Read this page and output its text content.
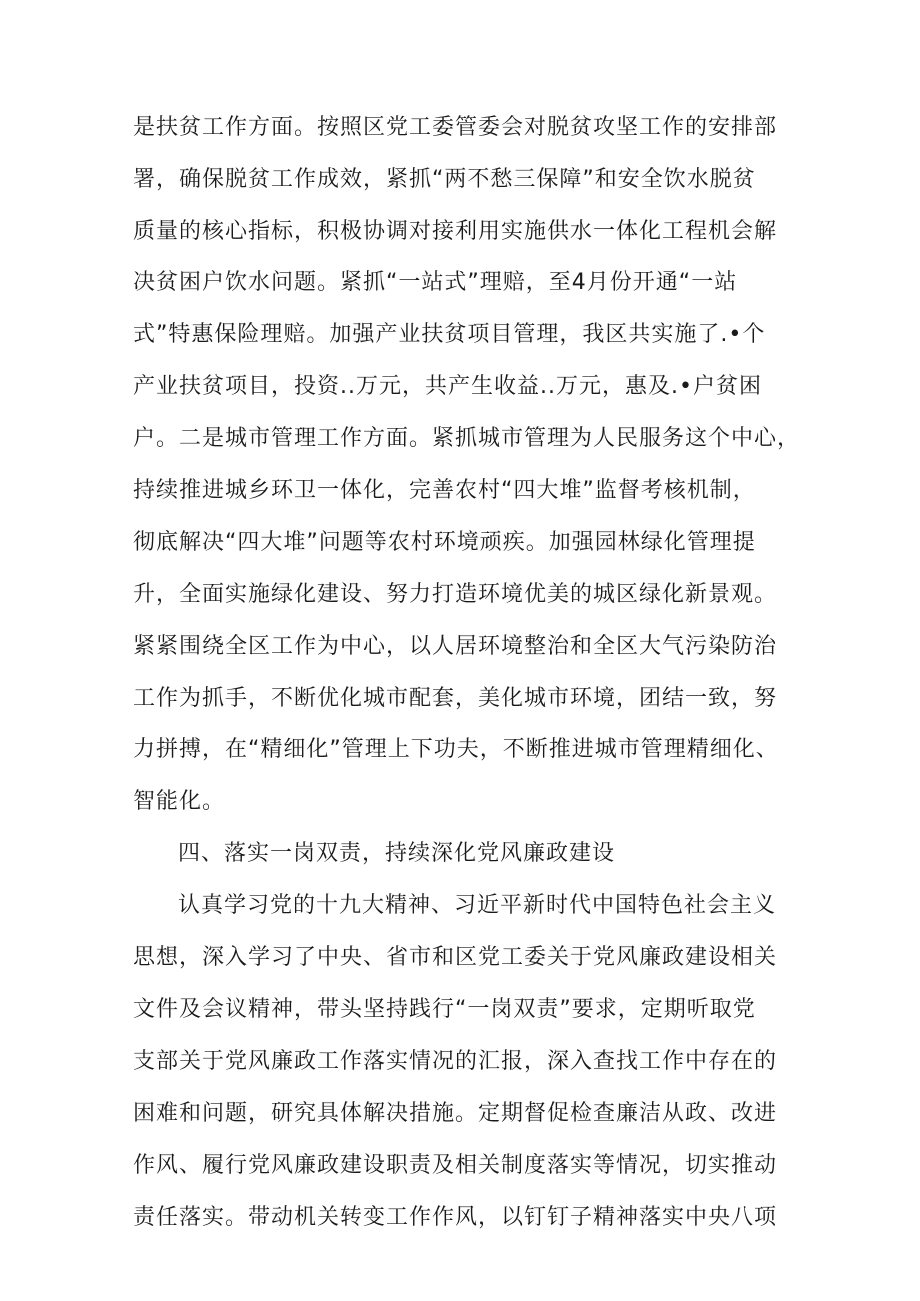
是扶贫工作方面。按照区党工委管委会对脱贫攻坚工作的安排部
署，确保脱贫工作成效，紧抓“两不愁三保障”和安全饮水脱贫
质量的核心指标，积极协调对接利用实施供水一体化工程机会解
决贫困户饮水问题。紧抓“一站式”理赔，至4月份开通“一站
式”特惠保险理赔。加强产业扶贫项目管理，我区共实施了.•个
产业扶贫项目，投资..万元，共产生收益..万元，惠及.•户贫困
户。二是城市管理工作方面。紧抓城市管理为人民服务这个中心，
持续推进城乡环卫一体化，完善农村“四大堆”监督考核机制，
彻底解决“四大堆”问题等农村环境顽疾。加强园林绿化管理提
升，全面实施绿化建设、努力打造环境优美的城区绿化新景观。
紧紧围绕全区工作为中心，以人居环境整治和全区大气污染防治
工作为抓手，不断优化城市配套，美化城市环境，团结一致，努
力拼搏，在“精细化”管理上下功夫，不断推进城市管理精细化、
智能化。
四、落实一岗双责，持续深化党风廉政建设
认真学习党的十九大精神、习近平新时代中国特色社会主义
思想，深入学习了中央、省市和区党工委关于党风廉政建设相关
文件及会议精神，带头坚持践行“一岗双责”要求，定期听取党
支部关于党风廉政工作落实情况的汇报，深入查找工作中存在的
困难和问题，研究具体解决措施。定期督促检查廉洁从政、改进
作风、履行党风廉政建设职责及相关制度落实等情况，切实推动
责任落实。带动机关转变工作作风，以钉钉子精神落实中央八项
